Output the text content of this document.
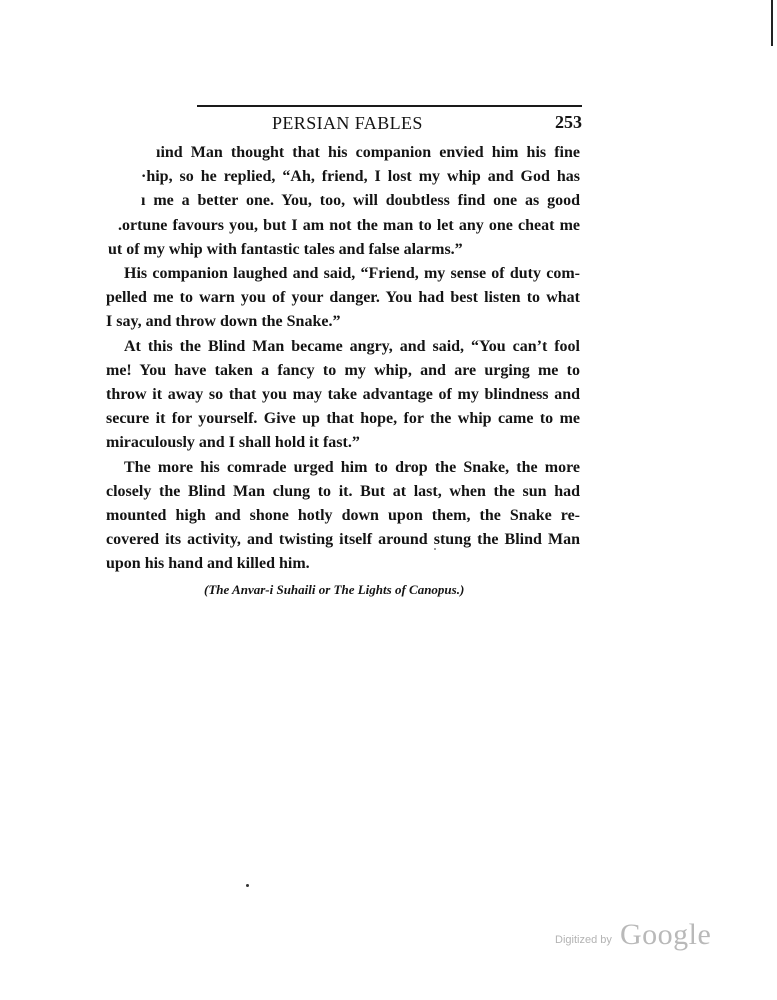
PERSIAN FABLES	253
ıind Man thought that his companion envied him his fine
·hip, so he replied, “Ah, friend, I lost my whip and God has
ı me a better one. You, too, will doubtless find one as good
.ortune favours you, but I am not the man to let any one cheat me
ut of my whip with fantastic tales and false alarms.”
His companion laughed and said, “Friend, my sense of duty com-
pelled me to warn you of your danger. You had best listen to what
I say, and throw down the Snake.”
At this the Blind Man became angry, and said, “You can’t fool
me! You have taken a fancy to my whip, and are urging me to
throw it away so that you may take advantage of my blindness and
secure it for yourself. Give up that hope, for the whip came to me
miraculously and I shall hold it fast.”
The more his comrade urged him to drop the Snake, the more
closely the Blind Man clung to it. But at last, when the sun had
mounted high and shone hotly down upon them, the Snake re-
covered its activity, and twisting itself around stung the Blind Man
upon his hand and killed him.
(The Anvar-i Suhaili or The Lights of Canopus.)
Digitized by Google
